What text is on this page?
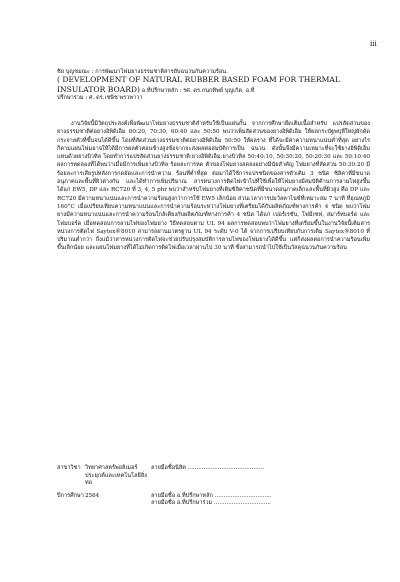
iii
ชิย บุญชมณะ : การพัฒนาโฟมยางธรรมชาติสารยับฉนวนกันความร้อน.
( DEVELOPMENT OF NATURAL RUBBER BASED FOAM FOR THERMAL INSULATOR BOARD) อ.ที่ปรึกษาหลัก : รศ. ดร.กนกทิพย์ บุญเกิด, อ.ที่
ปรึกษาร่วม : ศ. ดร.เชษิช พรวพาวา

งานวิจัยนี้มีวัตถุประสงค์เพื่อพัฒนาโฟมยางธรรมชาติสำหรับใช้เป็นแผ่นกั้น จากการศึกษายึดเต็มเนื้อสำหรับ แปรสัดส่วนของยางธรรมชาติต่อยางอิพิดิเอ็ม 80:20, 70:30, 60:40 และ 50:50 พบว่าเพิ่มสัดส่วนของยางอิพิดิเอ็ม ให้ผลกระบัฐพบุหีใหญ่ผักดัดกระจายตัวที่ขึ้นจนได้ดีขึ้น โดยที่สัดส่วนยางธรรมชาติต่อยางอิพิดิเอ็ม 50:50 ให้ผลราง ที่ได้จะมีค่าความหนาแน่นต่ำที่สุด อย่างไรก็ตามแผ่นโฟมอาจให้ได้มีการผลตัวค่อนข้างสูงข้อจากจะส่งผลต่อสมบัติการเป็น ฉนวน ดังนั้นจึงมีความเหมาะที่จะใช้ยางอิพิดิเอ็มแทนด้วยยางบิวทิล โดยทำการแปรสัดส่วนยางธรรมชาติ:ยางอิพิดิเอ็ม:ยางบิวทิล 50:40:10, 50:30:20, 50:20:30 และ 50:10:40 ผลการทดลองที่ได้พบว่าเมื่อมีการเพิ่มยางบิวทิล ร้อยละการหด ตัวของโฟมยางลดลงอย่างมีนัยสำคัญ โฟมยางที่สัดส่วน 50:30:20 มีร้อยละการเสียรูปหลังการกดอัดและการนำความ ร้อนที่ต่ำที่สุด ต่อมาได้ใช้การแปรชนิดของสารตัวเติม 3 ชนิด ซิลิคาที่มีขนาดอนุภาคและพื้นที่ผิวต่างกัน และได้ทำการเพิ่มปริมาณ สารหน่วงการติดไฟเข้าไปที่ใช้เพื่อให้โฟมยางมีสมบัติต้านการลามไฟสูงขึ้น ได้แก่ EW5, DP และ RC720 ที่ 3, 4, 5 phr พบว่าสำหรับโฟมยางที่เติมซิลิคาชนิดที่มีขนาดอนุภาคเล็กและพื้นที่ผิวสูง คือ DP และ RC720 มีความหนาแน่นและการนำความร้อนสูงกว่าการใช้ EW5 เล็กน้อย ส่วนเวลาการบ่มวัลคาไนซ์ที่เหมาะสม 7 นาที ที่อุณหภูมิ 160°C เมื่อเปรียบเทียบความหนาแน่นและการนำความร้อนระหว่างโฟมยางที่เตรียมได้กับผลิตภัณฑ์ทางการค้า 4 ชนิด พบว่าโฟมยางมีความหนาแน่นและการนำความร้อนใกล้เคียงกับผลิตภัณฑ์ทางการค้า 4 ชนิด ได้แก่ เปอร์เรชัน, โฟมีเซฟ, สมาร์ทบอร์ด และโฟมบอร์ด เมื่อทดสอบการลามไฟของโฟมยาง วิธีทดสอบตาม UL 94 ผลการทดสอบพบว่าโฟมยางที่เตรียมขึ้นในงานวิจัยนี้เติมสารหน่วงการติดไฟ Saytex®8010 สามารถผ่านมาตรฐาน UL 94 ระดับ V-0 ได้ จากการเปรียบเทียบกับการเติม Saytex®8010 ที่ปริมาณต่ำกว่า ถึงแม้ว่าสารหน่วงการติดไฟจะช่วยปรับปรุงสมบัติการลามไฟของโฟมยางได้ดีขึ้น แต่ก็ส่งผลต่อการนำความร้อนเพิ่มขึ้นเล็กน้อย และแผ่นโฟมยางที่ได้ไม่เกิดการติดไฟเมื่อเวลาผ่านไป 30 นาที ซึ่งสามารถนำไปใช้เป็นวัสดุฉนวนกันความร้อน

สาขาวิชา	วิทยาศาสตร์พอลิเมอร์ประยุกต์และเทคโนโลยีสิ่งทอ	ลายมือชื่อนิสิต ...........................................

ปีการศึกษา	2564	ลายมือชื่อ อ.ที่ปรึกษาหลัก ................................
		ลายมือชื่อ อ.ที่ปรึกษาร่วม ................................
